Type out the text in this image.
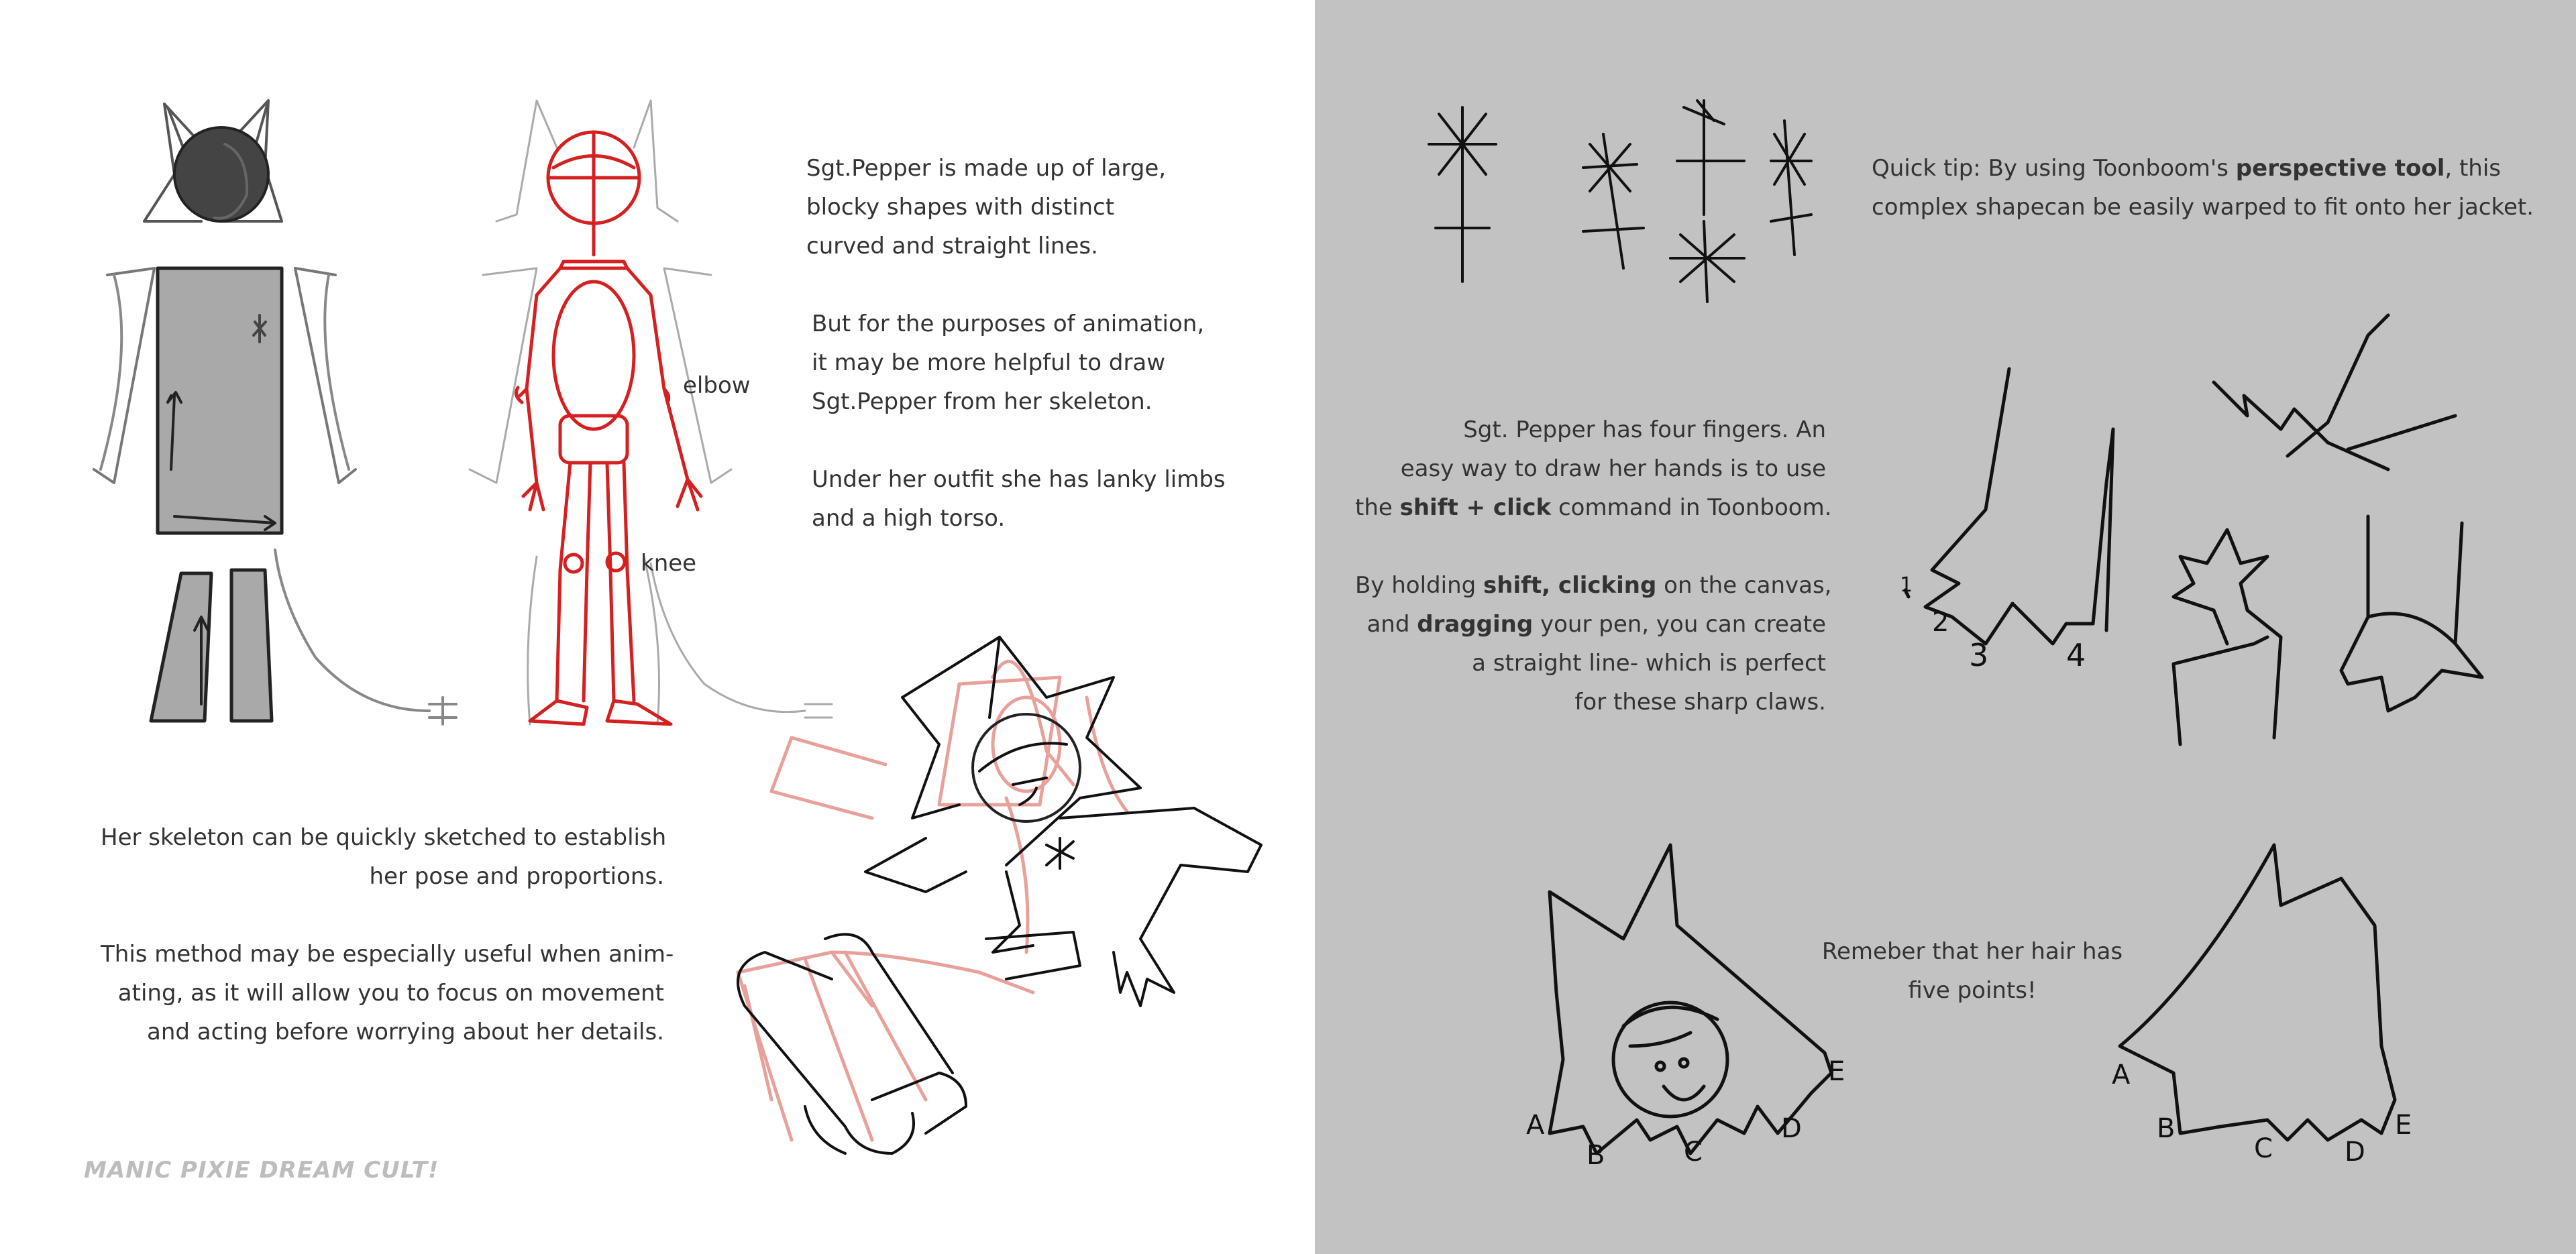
Sgt.Pepper is made up of large,
blocky shapes with distinct
curved and straight lines.

But for the purposes of animation,
it may be more helpful to draw
Sgt.Pepper from her skeleton.

Under her outfit she has lanky limbs
and a high torso.

elbow
knee

Her skeleton can be quickly sketched to establish
her pose and proportions.

This method may be especially useful when anim-
ating, as it will allow you to focus on movement
and acting before worrying about her details.

MANIC PIXIE DREAM CULT!
Quick tip: By using Toonboom's perspective tool, this
complex shapecan be easily warped to fit onto her jacket.

Sgt. Pepper has four fingers. An
easy way to draw her hands is to use
the shift + click command in Toonboom.

By holding shift, clicking on the canvas,
and dragging your pen, you can create
a straight line- which is perfect
for these sharp claws.

1
2
3	4
Remeber that her hair has
five points!
A
B	C
D
E	A
B
C	D
E
